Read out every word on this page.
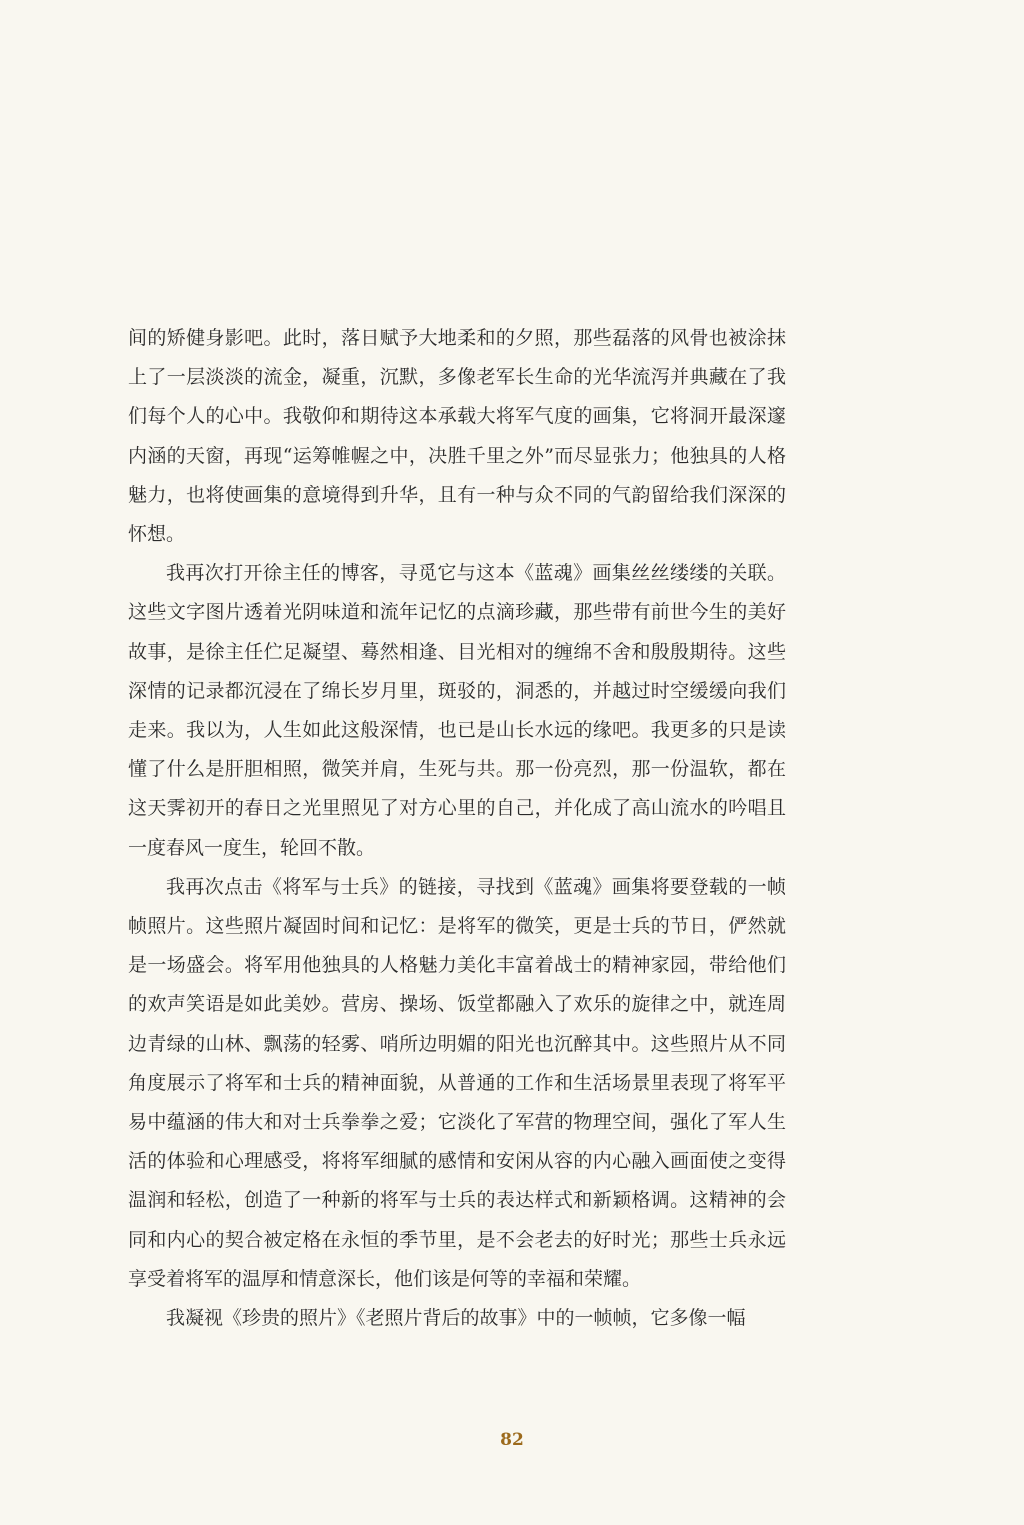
间的矫健身影吧。此时，落日赋予大地柔和的夕照，那些磊落的风骨也被涂抹上了一层淡淡的流金，凝重，沉默，多像老军长生命的光华流泻并典藏在了我们每个人的心中。我敬仰和期待这本承载大将军气度的画集，它将洞开最深邃内涵的天窗，再现“运筹帷幄之中，决胜千里之外”而尽显张力；他独具的人格魅力，也将使画集的意境得到升华，且有一种与众不同的气韵留给我们深深的怀想。

我再次打开徐主任的博客，寻觅它与这本《蓝魂》画集丝丝缕缕的关联。这些文字图片透着光阴味道和流年记忆的点滴珍藏，那些带有前世今生的美好故事，是徐主任伫足凝望、蓦然相逢、目光相对的缠绵不舍和殷殷期待。这些深情的记录都沉浸在了绵长岁月里，斑驳的，洞悉的，并越过时空缓缓向我们走来。我以为，人生如此这般深情，也已是山长水远的缘吧。我更多的只是读懂了什么是肝胆相照，微笑并肩，生死与共。那一份亮烈，那一份温软，都在这天霁初开的春日之光里照见了对方心里的自己，并化成了高山流水的吟唱且一度春风一度生，轮回不散。

我再次点击《将军与士兵》的链接，寻找到《蓝魂》画集将要登载的一帧帧照片。这些照片凝固时间和记忆：是将军的微笑，更是士兵的节日，俨然就是一场盛会。将军用他独具的人格魅力美化丰富着战士的精神家园，带给他们的欢声笑语是如此美妙。营房、操场、饭堂都融入了欢乐的旋律之中，就连周边青绿的山林、飘荡的轻雾、哨所边明媚的阳光也沉醉其中。这些照片从不同角度展示了将军和士兵的精神面貌，从普通的工作和生活场景里表现了将军平易中蕴涵的伟大和对士兵拳拳之爱；它淡化了军营的物理空间，强化了军人生活的体验和心理感受，将将军细腻的感情和安闲从容的内心融入画面使之变得温润和轻松，创造了一种新的将军与士兵的表达样式和新颖格调。这精神的会同和内心的契合被定格在永恒的季节里，是不会老去的好时光；那些士兵永远享受着将军的温厚和情意深长，他们该是何等的幸福和荣耀。

我凝视《珍贵的照片》《老照片背后的故事》中的一帧帧，它多像一幅

82
